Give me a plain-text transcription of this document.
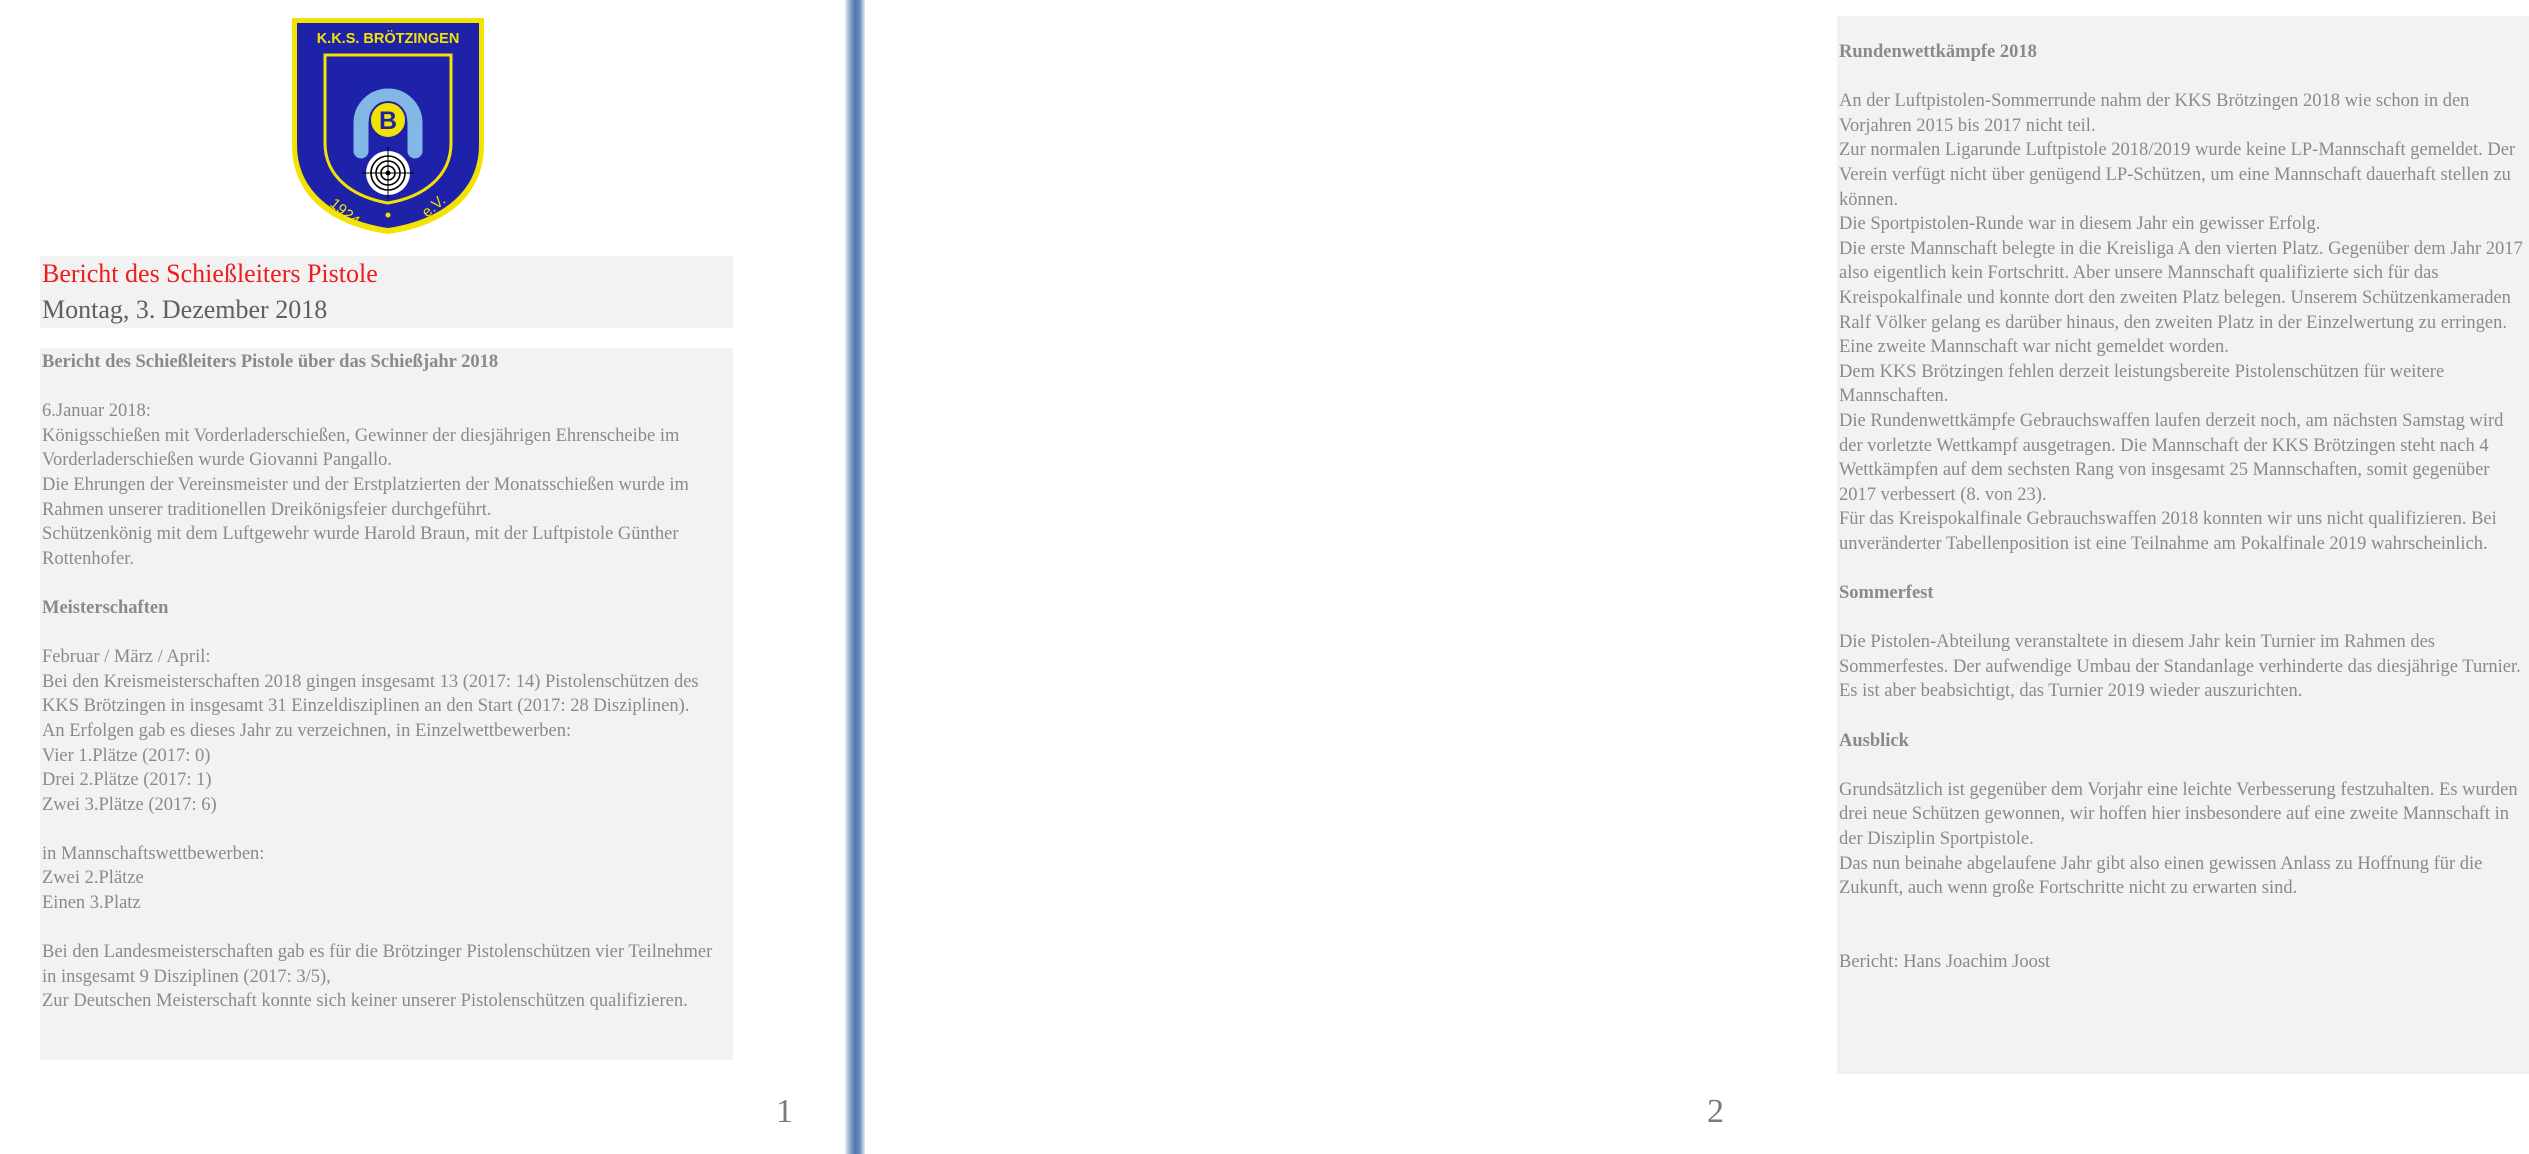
K.K.S. BRÖTZINGEN
B
1924	e.V.
Bericht des Schießleiters Pistole
Montag, 3. Dezember 2018

Bericht des Schießleiters Pistole über das Schießjahr 2018

6.Januar 2018:
Königsschießen mit Vorderladerschießen, Gewinner der diesjährigen Ehrenscheibe im Vorderladerschießen wurde Giovanni Pangallo.
Die Ehrungen der Vereinsmeister und der Erstplatzierten der Monatsschießen wurde im Rahmen unserer traditionellen Dreikönigsfeier durchgeführt.
Schützenkönig mit dem Luftgewehr wurde Harold Braun, mit der Luftpistole Günther Rottenhofer.

Meisterschaften

Februar / März / April:
Bei den Kreismeisterschaften 2018 gingen insgesamt 13 (2017: 14) Pistolenschützen des KKS Brötzingen in insgesamt 31 Einzeldisziplinen an den Start (2017: 28 Disziplinen).
An Erfolgen gab es dieses Jahr zu verzeichnen, in Einzelwettbewerben:
Vier 1.Plätze (2017: 0)
Drei 2.Plätze (2017: 1)
Zwei 3.Plätze (2017: 6)

in Mannschaftswettbewerben:
Zwei 2.Plätze
Einen 3.Platz

Bei den Landesmeisterschaften gab es für die Brötzinger Pistolenschützen vier Teilnehmer in insgesamt 9 Disziplinen (2017: 3/5),
Zur Deutschen Meisterschaft konnte sich keiner unserer Pistolenschützen qualifizieren.

1

Rundenwettkämpfe 2018

An der Luftpistolen-Sommerrunde nahm der KKS Brötzingen 2018 wie schon in den Vorjahren 2015 bis 2017 nicht teil.
Zur normalen Ligarunde Luftpistole 2018/2019 wurde keine LP-Mannschaft gemeldet. Der Verein verfügt nicht über genügend LP-Schützen, um eine Mannschaft dauerhaft stellen zu können.
Die Sportpistolen-Runde war in diesem Jahr ein gewisser Erfolg.
Die erste Mannschaft belegte in die Kreisliga A den vierten Platz. Gegenüber dem Jahr 2017 also eigentlich kein Fortschritt. Aber unsere Mannschaft qualifizierte sich für das Kreispokalfinale und konnte dort den zweiten Platz belegen. Unserem Schützenkameraden Ralf Völker gelang es darüber hinaus, den zweiten Platz in der Einzelwertung zu erringen. Eine zweite Mannschaft war nicht gemeldet worden.
Dem KKS Brötzingen fehlen derzeit leistungsbereite Pistolenschützen für weitere Mannschaften.
Die Rundenwettkämpfe Gebrauchswaffen laufen derzeit noch, am nächsten Samstag wird der vorletzte Wettkampf ausgetragen. Die Mannschaft der KKS Brötzingen steht nach 4 Wettkämpfen auf dem sechsten Rang von insgesamt 25 Mannschaften, somit gegenüber 2017 verbessert (8. von 23).
Für das Kreispokalfinale Gebrauchswaffen 2018 konnten wir uns nicht qualifizieren. Bei unveränderter Tabellenposition ist eine Teilnahme am Pokalfinale 2019 wahrscheinlich.

Sommerfest

Die Pistolen-Abteilung veranstaltete in diesem Jahr kein Turnier im Rahmen des Sommerfestes. Der aufwendige Umbau der Standanlage verhinderte das diesjährige Turnier. Es ist aber beabsichtigt, das Turnier 2019 wieder auszurichten.

Ausblick

Grundsätzlich ist gegenüber dem Vorjahr eine leichte Verbesserung festzuhalten. Es wurden drei neue Schützen gewonnen, wir hoffen hier insbesondere auf eine zweite Mannschaft in der Disziplin Sportpistole.
Das nun beinahe abgelaufene Jahr gibt also einen gewissen Anlass zu Hoffnung für die Zukunft, auch wenn große Fortschritte nicht zu erwarten sind.

Bericht: Hans Joachim Joost

2
